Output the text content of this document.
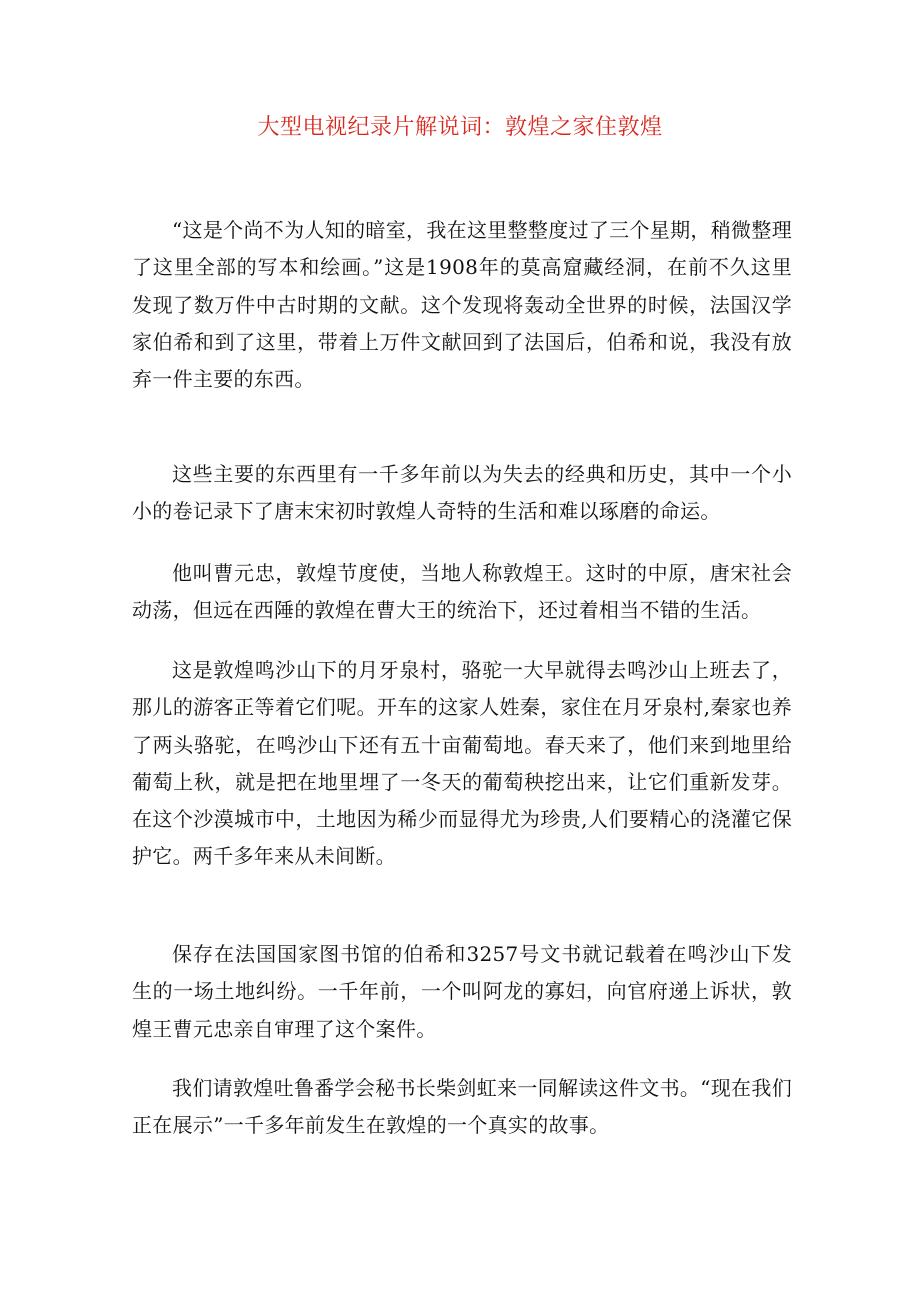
大型电视纪录片解说词：敦煌之家住敦煌

“这是个尚不为人知的暗室，我在这里整整度过了三个星期，稍微整理了这里全部的写本和绘画。”这是1908年的莫高窟藏经洞，在前不久这里发现了数万件中古时期的文献。这个发现将轰动全世界的时候，法国汉学家伯希和到了这里，带着上万件文献回到了法国后，伯希和说，我没有放弃一件主要的东西。

这些主要的东西里有一千多年前以为失去的经典和历史，其中一个小小的卷记录下了唐末宋初时敦煌人奇特的生活和难以琢磨的命运。

他叫曹元忠，敦煌节度使，当地人称敦煌王。这时的中原，唐宋社会动荡，但远在西陲的敦煌在曹大王的统治下，还过着相当不错的生活。

这是敦煌鸣沙山下的月牙泉村，骆驼一大早就得去鸣沙山上班去了，那儿的游客正等着它们呢。开车的这家人姓秦，家住在月牙泉村,秦家也养了两头骆驼，在鸣沙山下还有五十亩葡萄地。春天来了，他们来到地里给葡萄上秋，就是把在地里埋了一冬天的葡萄秧挖出来，让它们重新发芽。在这个沙漠城市中，土地因为稀少而显得尤为珍贵,人们要精心的浇灌它保护它。两千多年来从未间断。

保存在法国国家图书馆的伯希和3257号文书就记载着在鸣沙山下发生的一场土地纠纷。一千年前，一个叫阿龙的寡妇，向官府递上诉状，敦煌王曹元忠亲自审理了这个案件。

我们请敦煌吐鲁番学会秘书长柴剑虹来一同解读这件文书。“现在我们正在展示”一千多年前发生在敦煌的一个真实的故事。
